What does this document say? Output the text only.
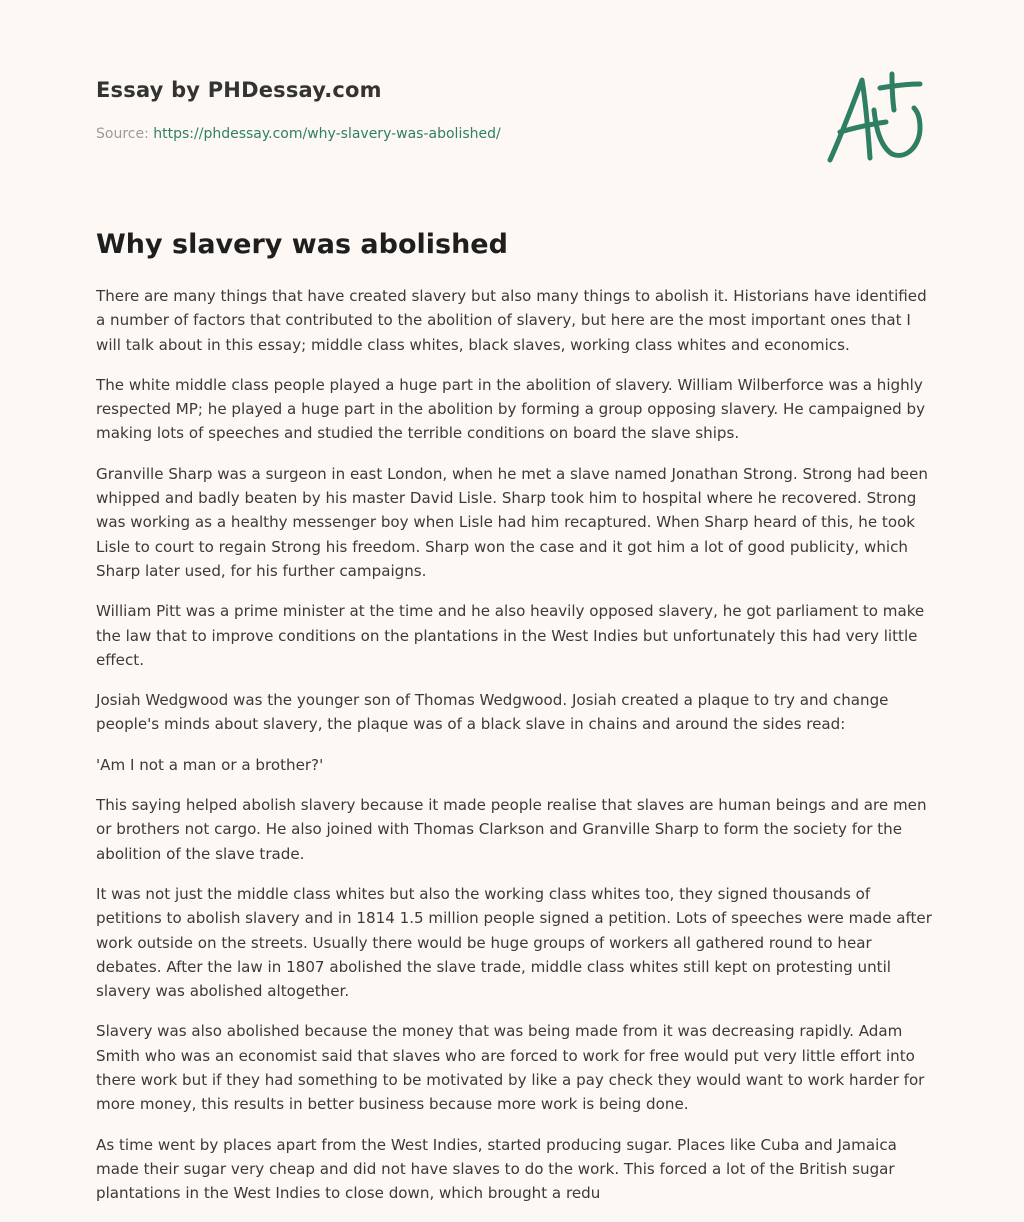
Essay by PHDessay.com

Source: https://phdessay.com/why-slavery-was-abolished/
Why slavery was abolished

There are many things that have created slavery but also many things to abolish it. Historians have identified a number of factors that contributed to the abolition of slavery, but here are the most important ones that I will talk about in this essay; middle class whites, black slaves, working class whites and economics.

The white middle class people played a huge part in the abolition of slavery. William Wilberforce was a highly respected MP; he played a huge part in the abolition by forming a group opposing slavery. He campaigned by making lots of speeches and studied the terrible conditions on board the slave ships.

Granville Sharp was a surgeon in east London, when he met a slave named Jonathan Strong. Strong had been whipped and badly beaten by his master David Lisle. Sharp took him to hospital where he recovered. Strong was working as a healthy messenger boy when Lisle had him recaptured. When Sharp heard of this, he took Lisle to court to regain Strong his freedom. Sharp won the case and it got him a lot of good publicity, which Sharp later used, for his further campaigns.

William Pitt was a prime minister at the time and he also heavily opposed slavery, he got parliament to make the law that to improve conditions on the plantations in the West Indies but unfortunately this had very little effect.

Josiah Wedgwood was the younger son of Thomas Wedgwood. Josiah created a plaque to try and change people's minds about slavery, the plaque was of a black slave in chains and around the sides read:

'Am I not a man or a brother?'

This saying helped abolish slavery because it made people realise that slaves are human beings and are men or brothers not cargo. He also joined with Thomas Clarkson and Granville Sharp to form the society for the abolition of the slave trade.

It was not just the middle class whites but also the working class whites too, they signed thousands of petitions to abolish slavery and in 1814 1.5 million people signed a petition. Lots of speeches were made after work outside on the streets. Usually there would be huge groups of workers all gathered round to hear debates. After the law in 1807 abolished the slave trade, middle class whites still kept on protesting until slavery was abolished altogether.

Slavery was also abolished because the money that was being made from it was decreasing rapidly. Adam Smith who was an economist said that slaves who are forced to work for free would put very little effort into there work but if they had something to be motivated by like a pay check they would want to work harder for more money, this results in better business because more work is being done.

As time went by places apart from the West Indies, started producing sugar. Places like Cuba and Jamaica made their sugar very cheap and did not have slaves to do the work. This forced a lot of the British sugar plantations in the West Indies to close down, which brought a redu
